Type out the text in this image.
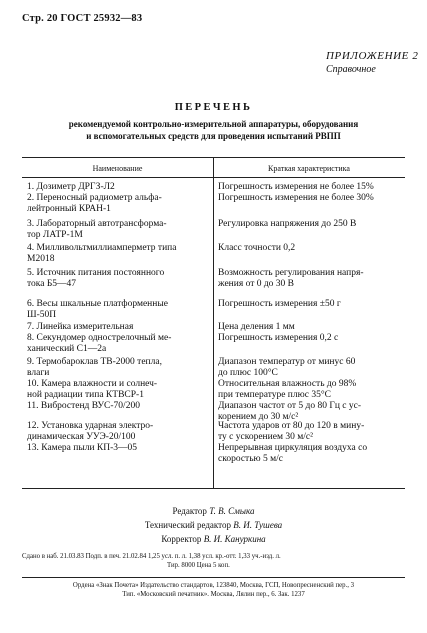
Стр. 20 ГОСТ 25932—83
ПРИЛОЖЕНИЕ 2
Справочное
ПЕРЕЧЕНЬ
рекомендуемой контрольно-измерительной аппаратуры, оборудования
и вспомогательных средств для проведения испытаний РВПП
Наименование	Краткая характеристика
1. Дозиметр ДРГЗ-Л2
2. Переносный радиометр альфа-
лейтронный КРАН-1
Погрешность измерения не более 15%
Погрешность измерения не более 30%
3. Лабораторный автотрансформа-
тор ЛАТР-1М
Регулировка напряжения до 250 В
4. Милливольтмиллиамперметр типа
М2018
Класс точности 0,2
5. Источник питания постоянного
тока Б5—47
Возможность регулирования напря-
жения от 0 до 30 В
6. Весы шкальные платформенные
Ш-50П
Погрешность измерения ±50 г
7. Линейка измерительная
8. Секундомер однострелочный ме-
ханический С1—2а
Цена деления 1 мм
Погрешность измерения 0,2 с
9. Термобароклав ТВ-2000 тепла,
влаги
10. Камера влажности и солнеч-
ной радиации типа КТВСР-1
11. Вибростенд ВУС-70/200
Диапазон температур от минус 60
до плюс 100°С
Относительная влажность до 98%
при температуре плюс 35°С
Диапазон частот от 5 до 80 Гц с ус-
корением до 30 м/с²
12. Установка ударная электро-
динамическая УУЭ-20/100
13. Камера пыли КП-3—05
Частота ударов от 80 до 120 в мину-
ту с ускорением 30 м/с²
Непрерывная циркуляция воздуха со
скоростью 5 м/с
Редактор Т. В. Смыка
Технический редактор В. И. Тушева
Корректор В. И. Кануркина
Сдано в наб. 21.03.83 Подп. в печ. 21.02.84 1,25 усл. п. л. 1,38 усл. кр.-отт. 1,33 уч.-изд. л.
Тир. 8000 Цена 5 коп.
Ордена «Знак Почета» Издательство стандартов, 123840, Москва, ГСП, Новопресненский пер., 3
Тип. «Московский печатник». Москва, Лялин пер., 6. Зак. 1237
